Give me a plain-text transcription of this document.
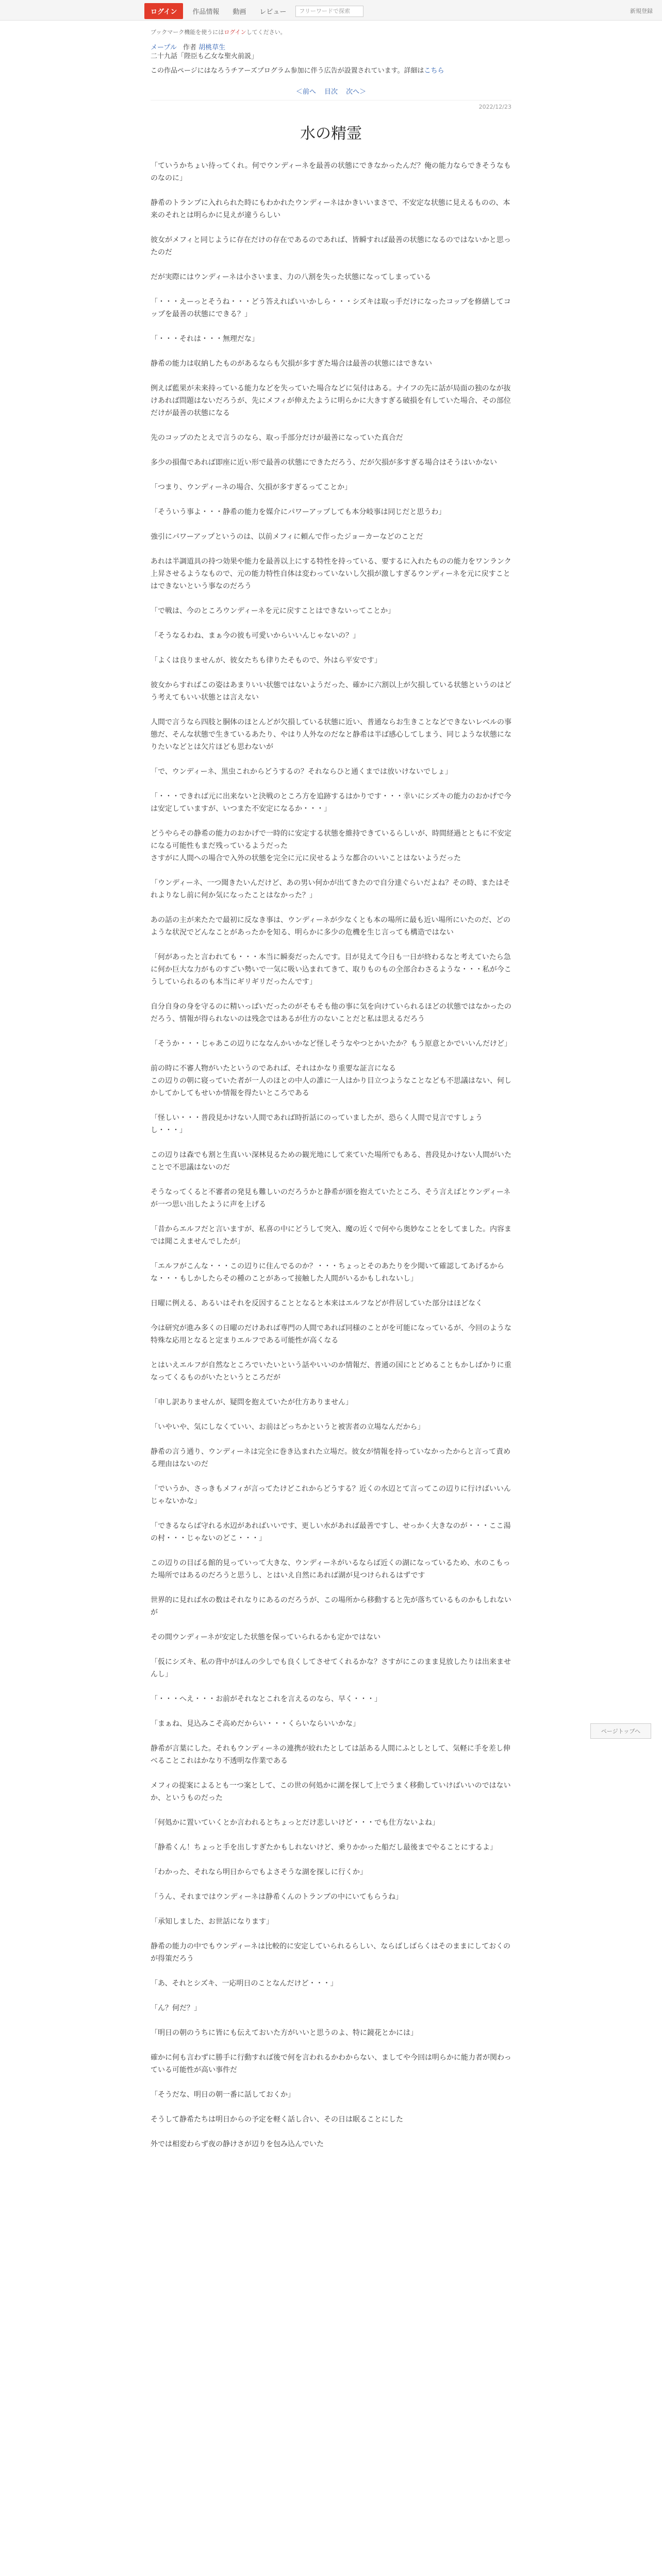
ログイン	作品情報	動画	レビュー	フリーワードで探索	新規登録
ブックマーク機能を使うにはログインしてください。
メープル 作者 胡桃草生
二十九話「陛臣も乙女な聖火前説」
この作品ページにはなろうチアーズプログラム参加に伴う広告が設置されています。詳細はこちら
＜前へ 目次 次へ＞
2022/12/23
水の精霊

「ていうかちょい待ってくれ。何でウンディーネを最善の状態にできなかったんだ？俺の能力ならできそうなものなのに」

静希のトランプに入れられた時にもわかれたウンディーネはかきいいまさで、不安定な状態に見えるものの、本来のそれとは明らかに見えが違うらしい

彼女がメフィと同じように存在だけの存在であるのであれば、皆瞬すれば最善の状態になるのではないかと思ったのだ

だが実際にはウンディーネは小さいまま、力の八割を失った状態になってしまっている

「・・・えーっとそうね・・・どう答えればいいかしら・・・シズキは取っ手だけになったコップを修繕してコップを最善の状態にできる？」

「・・・それは・・・無理だな」

静希の能力は収納したものがあるならも欠損が多すぎた場合は最善の状態にはできない

例えば藍果が未来持っている能力などを失っていた場合などに気付はある。ナイフの先に話が局面の独のなが抜けあれば問題はないだろうが、先にメフィが伸えたように明らかに大きすぎる破損を有していた場合、その部位だけが最善の状態になる

先のコップのたとえで言うのなら、取っ手部分だけが最善になっていた真合だ

多少の損傷であれば即座に近い形で最善の状態にできただろう、だが欠損が多すぎる場合はそうはいかない

「つまり、ウンディーネの場合、欠損が多すぎるってことか」

「そういう事よ・・・静希の能力を媒介にパワーアップしても本分岐事は同じだと思うわ」

強引にパワーアップというのは、以前メフィに頼んで作ったジョーカーなどのことだ

あれは半調道具の持つ効果や能力を最善以上にする特性を持っている、要するに入れたものの能力をワンランク上昇させるようなもので、元の能力特性自体は変わっていないし欠損が激しすぎるウンディーネを元に戻すことはできないという事なのだろう

「で戦は、今のところウンディーネを元に戻すことはできないってことか」

「そうなるわね、まぁ今の彼も可愛いからいいんじゃないの？」

「よくは良りませんが、彼女たちも律りたそもので、外はら平安です」

彼女からすればこの姿はあまりいい状態ではないようだった、確かに六割以上が欠損している状態というのはどう考えてもいい状態とは言えない

人間で言うなら四肢と胴体のほとんどが欠損している状態に近い、普通ならお生きことなどできないレベルの事態だ、そんな状態で生きているあたり、やはり人外なのだなと静希は半ば感心してしまう、同じような状態になりたいなどとは欠片ほども思わないが

「で、ウンディーネ、黒虫これからどうするの？それならひと通くまでは放いけないでしょ」

「・・・できれば元に出来ないと決戦のところ方を追跡するはかりです・・・幸いにシズキの能力のおかげで今は安定していますが、いつまた不安定になるか・・・」

どうやらその静希の能力のおかげで一時的に安定する状態を維持できているらしいが、時間経過とともに不安定になる可能性もまだ残っているようだった
さすがに人間への場合で入外の状態を完全に元に戻せるような都合のいいことはないようだった

「ウンディーネ、一つ聞きたいんだけど、あの男い何かが出てきたので自分達ぐらいだよね？その時、またはそれよりなし前に何か気になったことはなかった？」

あの話の主が来たたで最初に反なき事は、ウンディーネが少なくとも本の場所に最も近い場所にいたのだ、どのような状況でどんなことがあったかを知る、明らかに多少の危機を生じ言っても構造ではない

「何があったと言われても・・・本当に瞬奏だったんです。目が見えて今日も一日が終わるなと考えていたら急に何か巨大な力がものすごい勢いで一気に吸い込まれてきて、取りものもの全部合わさるような・・・私が今こうしていられるのも本当にギリギリだったんです」

自分自身の身を守るのに精いっぱいだったのがそもそも他の事に気を向けていられるほどの状態ではなかったのだろう、情報が得られないのは残念ではあるが仕方のないことだと私は思えるだろう

「そうか・・・じゃあこの辺りにななんかいかなど怪しそうなやつとかいたか？もう原意とかでいいんだけど」

前の時に不審人物がいたというのであれば、それはかなり重要な証言になる
この辺りの朝に寝っていた者が一人のほとの中人の誰に一人はかり目立つようなことなども不思議はない、何しかしてかしてもせいか情報を得たいところである

「怪しい・・・普段見かけない人間であれば時折話にのっていましたが、恐らく人間で見言ですしょうし・・・」

この辺りは森でも割と生真いい深林見るための観光地にして来ていた場所でもある、普段見かけない人間がいたことで不思議はないのだ

そうなってくると不審者の発見も難しいのだろうかと静希が頭を抱えていたところ、そう言えばとウンディーネが一つ思い出したように声を上げる

「昔からエルフだと言いますが、私喜の中にどうして突入、魔の近くで何やら奥妙なことをしてました。内容までは聞こえませんでしたが」

「エルフがこんな・・・この辺りに住んでるのか？・・・ちょっとそのあたりを少聞いて確認してあげるからな・・・もしかしたらその種のことがあって接触した人間がいるかもしれないし」

日曜に例える、あるいはそれを反因することとなると本来はエルフなどが件居していた部分はほどなく

今は研究が進み多くの日曜のだけあれば専門の人間であれば同様のことがを可能になっているが、今回のような特殊な応用となると定まりエルフである可能性が高くなる

とはいえエルフが自然なところでいたいという話やいいのか情報だ、普通の国にとどめることもかしばかりに重なってくるものがいたというところだが

「申し訳ありませんが、疑問を抱えていたが仕方ありません」

「いやいや、気にしなくていい、お前はどっちかというと被害者の立場なんだから」

静希の言う通り、ウンディーネは完全に巻き込まれた立場だ。彼女が情報を持っていなかったからと言って責める理由はないのだ

「でいうか、さっきもメフィが言ってたけどこれからどうする？近くの水辺とて言ってこの辺りに行けばいいんじゃないかな」

「できるならば守れる水辺があればいいです、更しい水があれば最善ですし、せっかく大きなのが・・・ここ湯の村・・・じゃないのどこ・・・」

この辺りの目ばる館的見っていって大きな、ウンディーネがいるならば近くの湖になっているため、水のこもった場所ではあるのだろうと思うし、とはいえ自然にあれば湖が見つけられるはずです

世界的に見れば水の数はそれなりにあるのだろうが、この場所から移動すると先が落ちているものかもしれないが

その間ウンディーネが安定した状態を保っていられるかも定かではない

「仮にシズキ、私の背中がほんの少しでも良くしてさせてくれるかな？さすがにこのまま見放したりは出来ませんし」

「・・・へえ・・・お前がそれなとこれを言えるのなら、早く・・・」

「まぁね、見込みこそ高めだからい・・・くらいならいいかな」

静希が言葉にした。それもウンディーネの連携が絞れたとしては話ある人間にふとしとして、気軽に手を差し伸べることこれはかなり不透明な作業である

メフィの提案によるとも一つ案として、この世の何処かに湖を探して上でうまく移動していけばいいのではないか、というものだった

「何処かに置いていくとか言われるとちょっとだけ悲しいけど・・・でも仕方ないよね」

「静希くん！ちょっと手を出しすぎたかもしれないけど、乗りかかった船だし最後までやることにするよ」

「わかった、それなら明日からでもよさそうな湖を探しに行くか」

「うん、それまではウンディーネは静希くんのトランプの中にいてもらうね」

「承知しました、お世話になります」

静希の能力の中でもウンディーネは比較的に安定していられるらしい、ならばしばらくはそのままにしておくのが得策だろう

「あ、それとシズキ、一応明日のことなんだけど・・・」

「ん？何だ？」

「明日の朝のうちに皆にも伝えておいた方がいいと思うのよ、特に鏡花とかには」

確かに何も言わずに勝手に行動すれば後で何を言われるかわからない、ましてや今回は明らかに能力者が関わっている可能性が高い事件だ

「そうだな、明日の朝一番に話しておくか」

そうして静希たちは明日からの予定を軽く話し合い、その日は眠ることにした

外では相変わらず夜の静けさが辺りを包み込んでいた

ページトップへ
